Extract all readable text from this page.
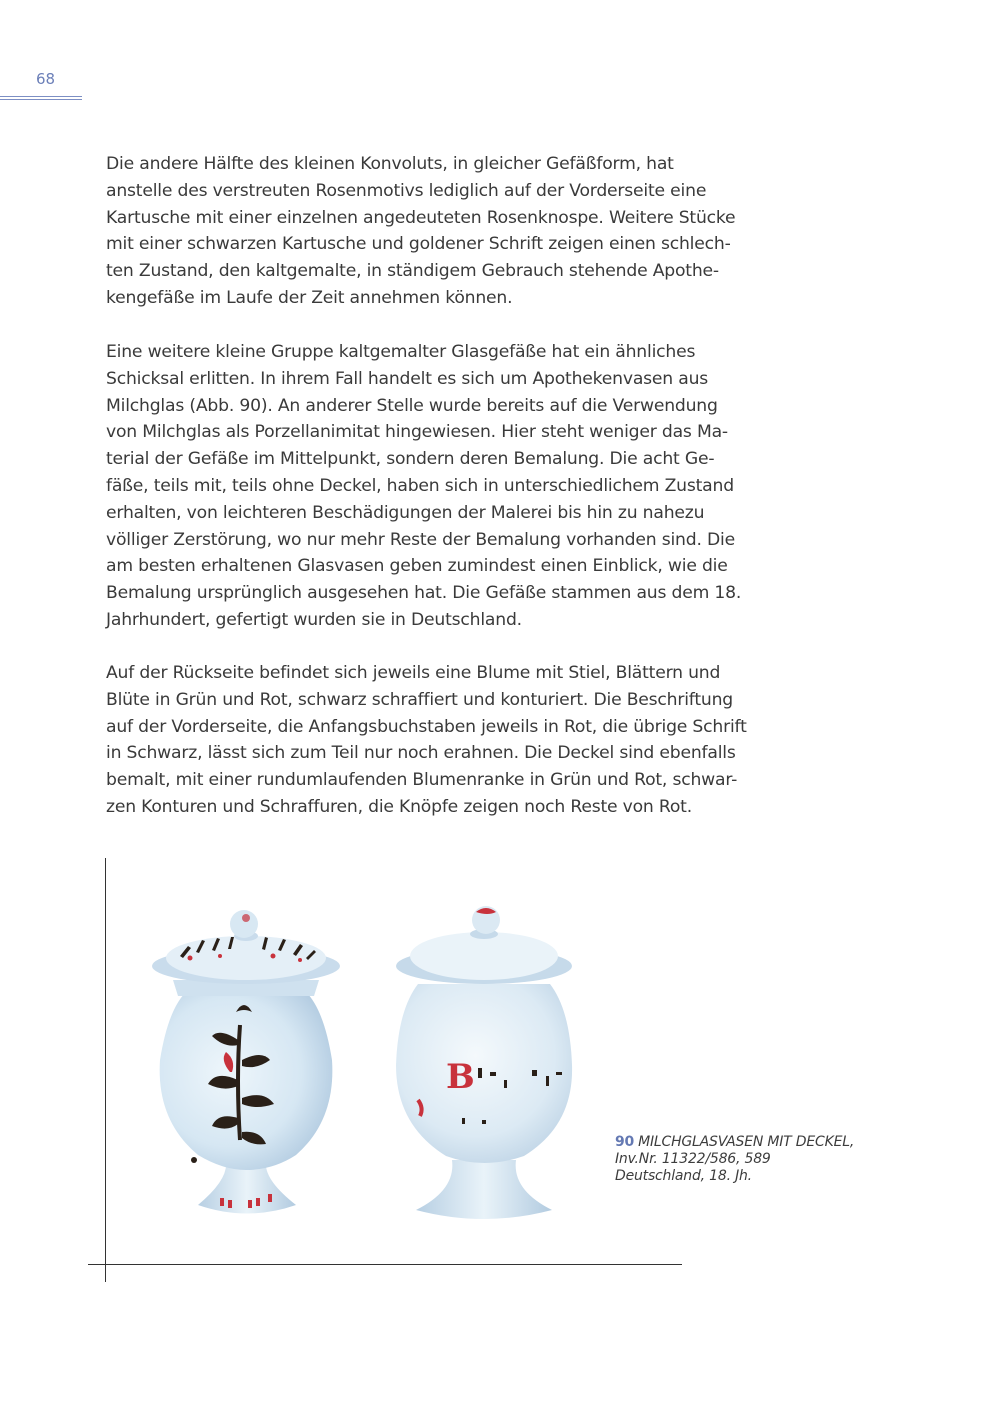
68
Die andere Hälfte des kleinen Konvoluts, in gleicher Gefäßform, hat
anstelle des verstreuten Rosenmotivs lediglich auf der Vorderseite eine
Kartusche mit einer einzelnen angedeuteten Rosenknospe. Weitere Stücke
mit einer schwarzen Kartusche und goldener Schrift zeigen einen schlech-
ten Zustand, den kaltgemalte, in ständigem Gebrauch stehende Apothe-
kengefäße im Laufe der Zeit annehmen können.
Eine weitere kleine Gruppe kaltgemalter Glasgefäße hat ein ähnliches
Schicksal erlitten. In ihrem Fall handelt es sich um Apothekenvasen aus
Milchglas (Abb. 90). An anderer Stelle wurde bereits auf die Verwendung
von Milchglas als Porzellanimitat hingewiesen. Hier steht weniger das Ma-
terial der Gefäße im Mittelpunkt, sondern deren Bemalung. Die acht Ge-
fäße, teils mit, teils ohne Deckel, haben sich in unterschiedlichem Zustand
erhalten, von leichteren Beschädigungen der Malerei bis hin zu nahezu
völliger Zerstörung, wo nur mehr Reste der Bemalung vorhanden sind. Die
am besten erhaltenen Glasvasen geben zumindest einen Einblick, wie die
Bemalung ursprünglich ausgesehen hat. Die Gefäße stammen aus dem 18.
Jahrhundert, gefertigt wurden sie in Deutschland.
Auf der Rückseite befindet sich jeweils eine Blume mit Stiel, Blättern und
Blüte in Grün und Rot, schwarz schraffiert und konturiert. Die Beschriftung
auf der Vorderseite, die Anfangsbuchstaben jeweils in Rot, die übrige Schrift
in Schwarz, lässt sich zum Teil nur noch erahnen. Die Deckel sind ebenfalls
bemalt, mit einer rundumlaufenden Blumenranke in Grün und Rot, schwar-
zen Konturen und Schraffuren, die Knöpfe zeigen noch Reste von Rot.
B
90 MILCHGLASVASEN MIT DECKEL,
Inv.Nr. 11322/586, 589
Deutschland, 18. Jh.
